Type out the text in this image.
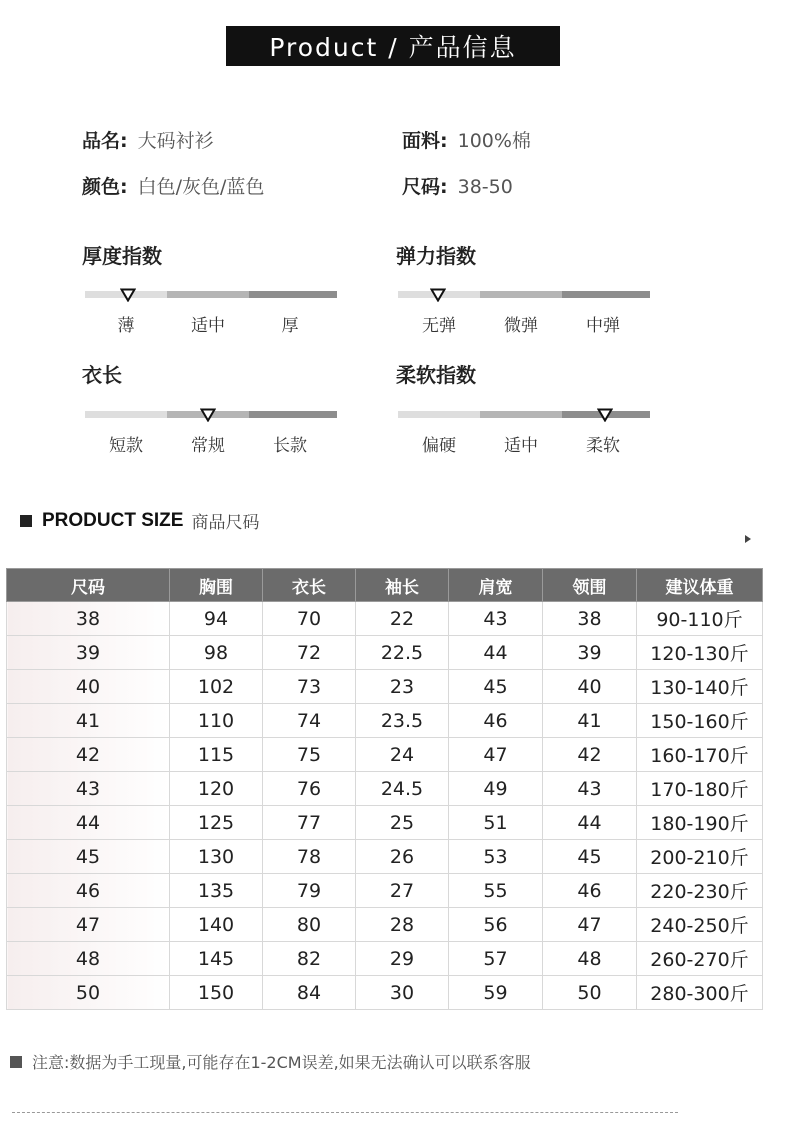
Product / 产品信息
品名: 大码衬衫	面料: 100%棉
颜色: 白色/灰色/蓝色	尺码: 38-50
厚度指数
薄	适中	厚
弹力指数
无弹	微弹	中弹
衣长
短款	常规	长款
柔软指数
偏硬	适中	柔软
PRODUCT SIZE 商品尺码
尺码	胸围	衣长	袖长	肩宽	领围	建议体重
38	94	70	22	43	38	90-110斤
39	98	72	22.5	44	39	120-130斤
40	102	73	23	45	40	130-140斤
41	110	74	23.5	46	41	150-160斤
42	115	75	24	47	42	160-170斤
43	120	76	24.5	49	43	170-180斤
44	125	77	25	51	44	180-190斤
45	130	78	26	53	45	200-210斤
46	135	79	27	55	46	220-230斤
47	140	80	28	56	47	240-250斤
48	145	82	29	57	48	260-270斤
50	150	84	30	59	50	280-300斤
注意:数据为手工现量,可能存在1-2CM误差,如果无法确认可以联系客服
